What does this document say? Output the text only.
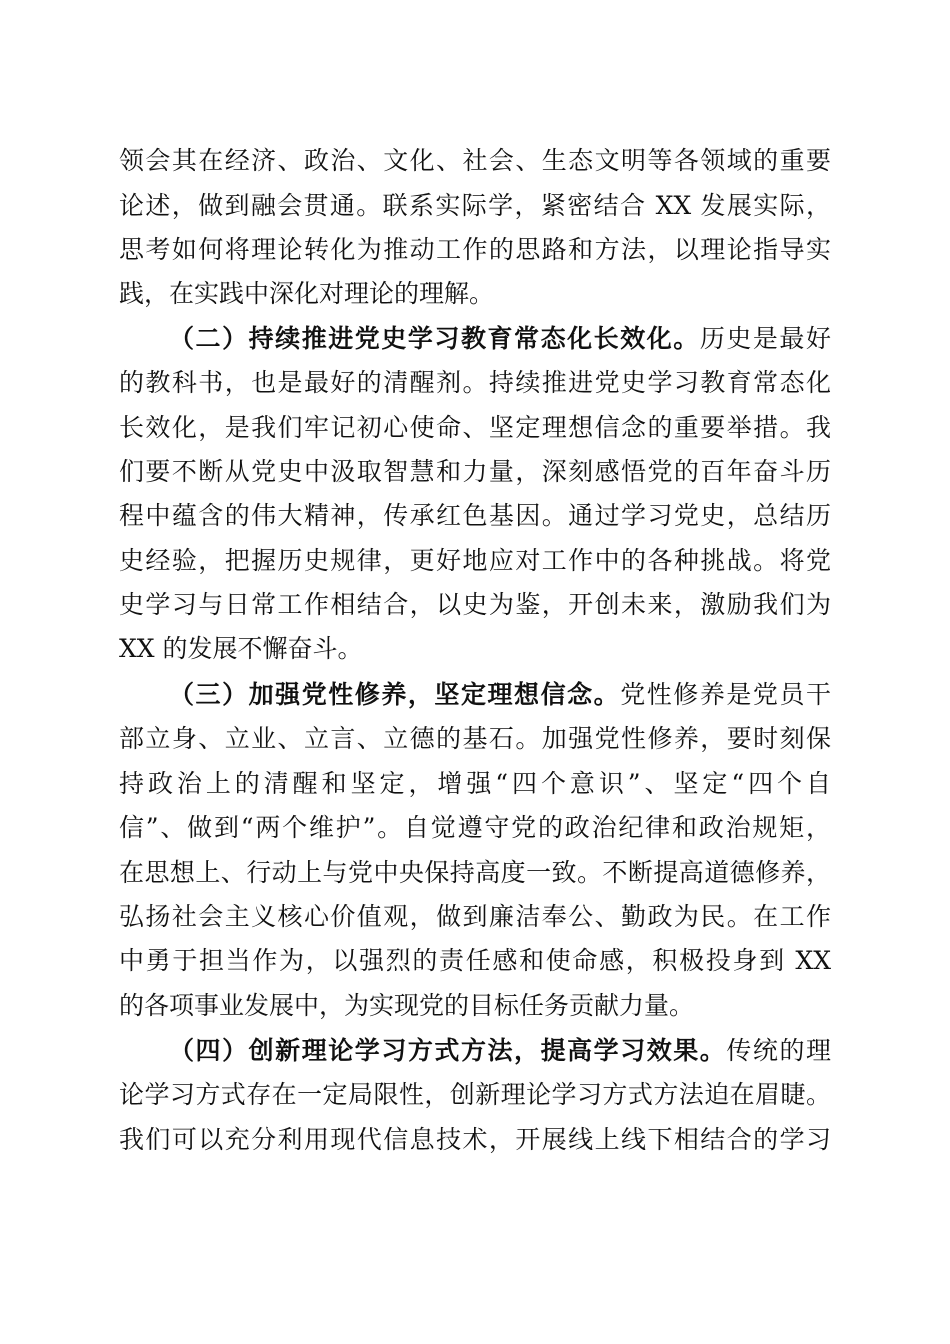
领会其在经济、政治、文化、社会、生态文明等各领域的重要
论述，做到融会贯通。联系实际学，紧密结合 XX 发展实际，
思考如何将理论转化为推动工作的思路和方法，以理论指导实
践，在实践中深化对理论的理解。
（二）持续推进党史学习教育常态化长效化。历史是最好
的教科书，也是最好的清醒剂。持续推进党史学习教育常态化
长效化，是我们牢记初心使命、坚定理想信念的重要举措。我
们要不断从党史中汲取智慧和力量，深刻感悟党的百年奋斗历
程中蕴含的伟大精神，传承红色基因。通过学习党史，总结历
史经验，把握历史规律，更好地应对工作中的各种挑战。将党
史学习与日常工作相结合，以史为鉴，开创未来，激励我们为
XX 的发展不懈奋斗。
（三）加强党性修养，坚定理想信念。党性修养是党员干
部立身、立业、立言、立德的基石。加强党性修养，要时刻保
持政治上的清醒和坚定，增强“四个意识”、坚定“四个自
信”、做到“两个维护”。自觉遵守党的政治纪律和政治规矩，
在思想上、行动上与党中央保持高度一致。不断提高道德修养，
弘扬社会主义核心价值观，做到廉洁奉公、勤政为民。在工作
中勇于担当作为，以强烈的责任感和使命感，积极投身到 XX
的各项事业发展中，为实现党的目标任务贡献力量。
（四）创新理论学习方式方法，提高学习效果。传统的理
论学习方式存在一定局限性，创新理论学习方式方法迫在眉睫。
我们可以充分利用现代信息技术，开展线上线下相结合的学习
